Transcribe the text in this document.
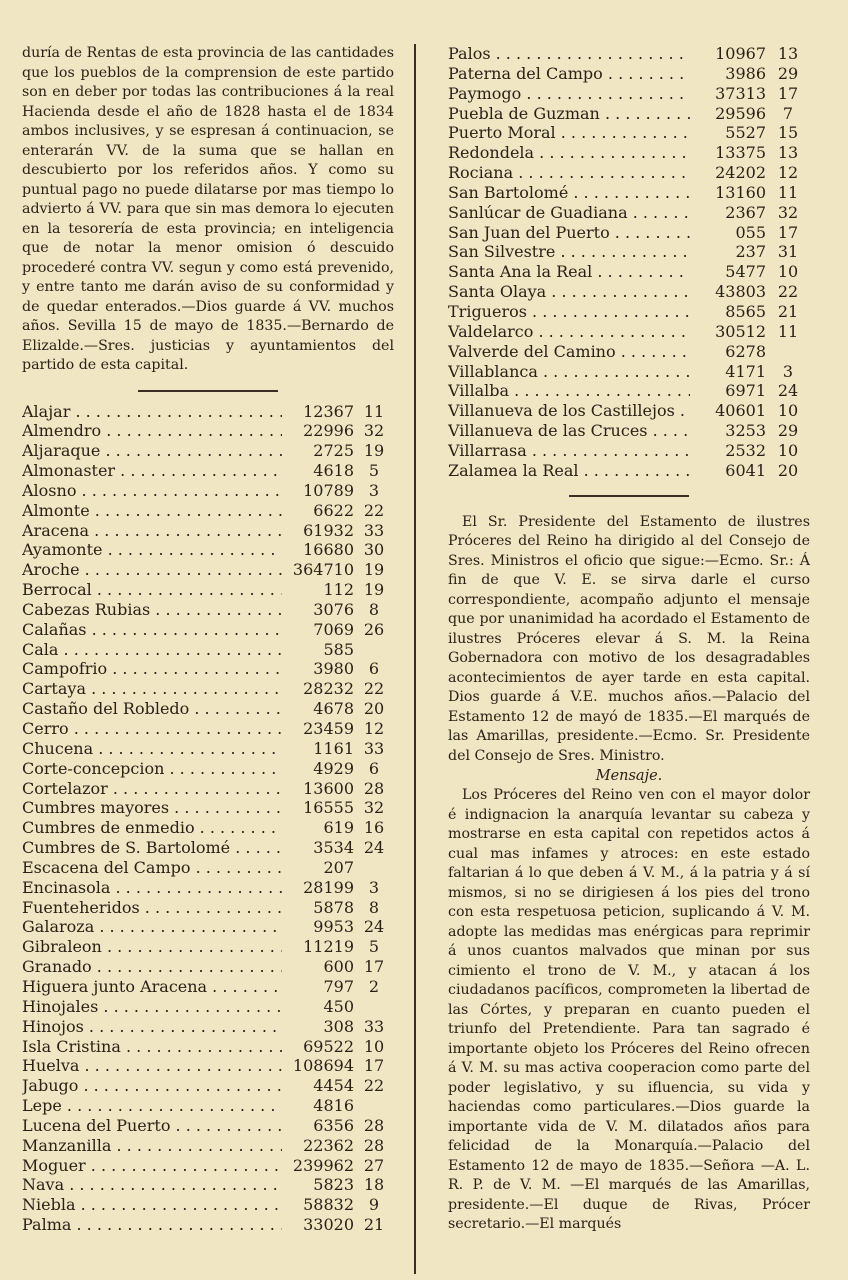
duría de Rentas de esta provincia de las cantidades que los pueblos de la comprension de este partido son en deber por todas las contribuciones á la real Hacienda desde el año de 1828 hasta el de 1834 ambos inclusives, y se espresan á continuacion, se enterarán VV. de la suma que se hallan en descubierto por los referidos años. Y como su puntual pago no puede dilatarse por mas tiempo lo advierto á VV. para que sin mas demora lo ejecuten en la tesorería de esta provincia; en inteligencia que de notar la menor omision ó descuido procederé contra VV. segun y como está prevenido, y entre tanto me darán aviso de su conformidad y de quedar enterados.—Dios guarde á VV. muchos años. Sevilla 15 de mayo de 1835.—Bernardo de Elizalde.—Sres. justicias y ayuntamientos del partido de esta capital.

Alajar . . .	12367 11
Almendro . . .	22996 32
Aljaraque . . .	2725 19
Almonaster . . .	4618 5
Alosno . . .	10789 3
Almonte . . .	6622 22
Aracena . . .	61932 33
Ayamonte . . .	16680 30
Aroche . . .	364710 19
Berrocal . . .	112 19
Cabezas Rubias . . .	3076 8
Calañas . . .	7069 26
Cala . . .	585
Campofrio . . .	3980 6
Cartaya . . .	28232 22
Castaño del Robledo . . .	4678 20
Cerro . . .	23459 12
Chucena . . .	1161 33
Corte-concepcion . . .	4929 6
Cortelazor . . .	13600 28
Cumbres mayores . . .	16555 32
Cumbres de enmedio . . .	619 16
Cumbres de S. Bartolomé . . .	3534 24
Escacena del Campo . . .	207
Encinasola . . .	28199 3
Fuenteheridos . . .	5878 8
Galaroza . . .	9953 24
Gibraleon . . .	11219 5
Granado . . .	600 17
Higuera junto Aracena . . .	797 2
Hinojales . . .	450
Hinojos . . .	308 33
Isla Cristina . . .	69522 10
Huelva . . .	108694 17
Jabugo . . .	4454 22
Lepe . . .	4816
Lucena del Puerto . . .	6356 28
Manzanilla . . .	22362 28
Moguer . . .	239962 27
Nava . . .	5823 18
Niebla . . .	58832 9
Palma . . .	33020 21
Palos . . .	10967 13
Paterna del Campo . . .	3986 29
Paymogo . . .	37313 17
Puebla de Guzman . . .	29596	7
Puerto Moral . . .	5527 15
Redondela . . .	13375 13
Rociana . . .	24202 12
San Bartolomé . . .	13160 11
Sanlúcar de Guadiana . . .	2367 32
San Juan del Puerto . . .	055 17
San Silvestre . . .	237 31
Santa Ana la Real . . .	5477 10
Santa Olaya . . .	43803 22
Trigueros . . .	8565 21
Valdelarco . . .	30512 11
Valverde del Camino . . .	6278
Villablanca . . .	4171	3
Villalba . . .	6971 24
Villanueva de los Castillejos . . .	40601 10
Villanueva de las Cruces . . .	3253 29
Villarrasa . . .	2532 10
Zalamea la Real . . .	6041 20

El Sr. Presidente del Estamento de ilustres Próceres del Reino ha dirigido al del Consejo de Sres. Ministros el oficio que sigue:—Ecmo. Sr.: Á fin de que V. E. se sirva darle el curso correspondiente, acompaño adjunto el mensaje que por unanimidad ha acordado el Estamento de ilustres Próceres elevar á S. M. la Reina Gobernadora con motivo de los desagradables acontecimientos de ayer tarde en esta capital. Dios guarde á V.E. muchos años.—Palacio del Estamento 12 de mayó de 1835.—El marqués de las Amarillas, presidente.—Ecmo. Sr. Presidente del Consejo de Sres. Ministro.

Mensaje.

Los Próceres del Reino ven con el mayor dolor é indignacion la anarquía levantar su cabeza y mostrarse en esta capital con repetidos actos á cual mas infames y atroces: en este estado faltarian á lo que deben á V. M., á la patria y á sí mismos, si no se dirigiesen á los pies del trono con esta respetuosa peticion, suplicando á V. M. adopte las medidas mas enérgicas para reprimir á unos cuantos malvados que minan por sus cimiento el trono de V. M., y atacan á los ciudadanos pacíficos, comprometen la libertad de las Córtes, y preparan en cuanto pueden el triunfo del Pretendiente. Para tan sagrado é importante objeto los Próceres del Reino ofrecen á V. M. su mas activa cooperacion como parte del poder legislativo, y su ifluencia, su vida y haciendas como particulares.—Dios guarde la importante vida de V. M. dilatados años para felicidad de la Monarquía.—Palacio del Estamento 12 de mayo de 1835.—Señora —A. L. R. P. de V. M. —El marqués de las Amarillas, presidente.—El duque de Rivas, Prócer secretario.—El marqués
